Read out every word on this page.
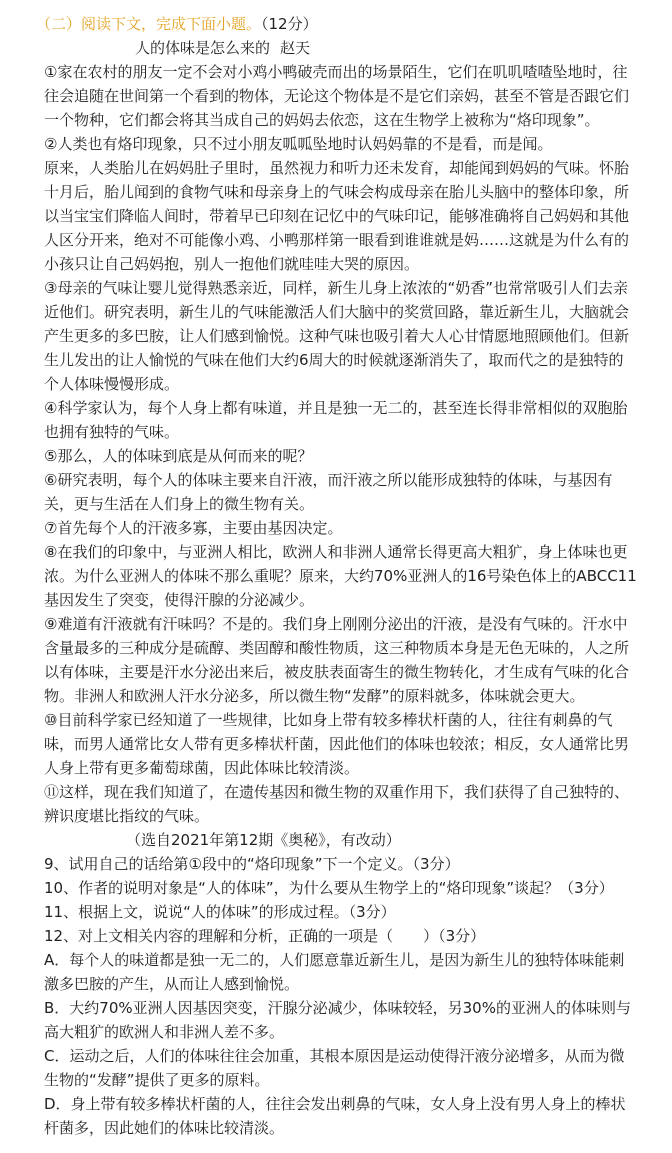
（二）阅读下文，完成下面小题。（12分）
人的体味是怎么来的 赵天
①家在农村的朋友一定不会对小鸡小鸭破壳而出的场景陌生，它们在叽叽喳喳坠地时，往
往会追随在世间第一个看到的物体，无论这个物体是不是它们亲妈，甚至不管是否跟它们
一个物种，它们都会将其当成自己的妈妈去依恋，这在生物学上被称为“烙印现象”。
②人类也有烙印现象，只不过小朋友呱呱坠地时认妈妈靠的不是看，而是闻。
原来，人类胎儿在妈妈肚子里时，虽然视力和听力还未发育，却能闻到妈妈的气味。怀胎
十月后，胎儿闻到的食物气味和母亲身上的气味会构成母亲在胎儿头脑中的整体印象，所
以当宝宝们降临人间时，带着早已印刻在记忆中的气味印记，能够准确将自己妈妈和其他
人区分开来，绝对不可能像小鸡、小鸭那样第一眼看到谁谁就是妈……这就是为什么有的
小孩只让自己妈妈抱，别人一抱他们就哇哇大哭的原因。
③母亲的气味让婴儿觉得熟悉亲近，同样，新生儿身上浓浓的“奶香”也常常吸引人们去亲
近他们。研究表明，新生儿的气味能激活人们大脑中的奖赏回路，靠近新生儿，大脑就会
产生更多的多巴胺，让人们感到愉悦。这种气味也吸引着大人心甘情愿地照顾他们。但新
生儿发出的让人愉悦的气味在他们大约6周大的时候就逐渐消失了，取而代之的是独特的
个人体味慢慢形成。
④科学家认为，每个人身上都有味道，并且是独一无二的，甚至连长得非常相似的双胞胎
也拥有独特的气味。
⑤那么，人的体味到底是从何而来的呢？
⑥研究表明，每个人的体味主要来自汗液，而汗液之所以能形成独特的体味，与基因有
关，更与生活在人们身上的微生物有关。
⑦首先每个人的汗液多寡，主要由基因决定。
⑧在我们的印象中，与亚洲人相比，欧洲人和非洲人通常长得更高大粗犷，身上体味也更
浓。为什么亚洲人的体味不那么重呢？原来，大约70%亚洲人的16号染色体上的ABCC11
基因发生了突变，使得汗腺的分泌减少。
⑨难道有汗液就有汗味吗？不是的。我们身上刚刚分泌出的汗液，是没有气味的。汗水中
含量最多的三种成分是硫醇、类固醇和酸性物质，这三种物质本身是无色无味的，人之所
以有体味，主要是汗水分泌出来后，被皮肤表面寄生的微生物转化，才生成有气味的化合
物。非洲人和欧洲人汗水分泌多，所以微生物“发酵”的原料就多，体味就会更大。
⑩目前科学家已经知道了一些规律，比如身上带有较多棒状杆菌的人，往往有刺鼻的气
味，而男人通常比女人带有更多棒状杆菌，因此他们的体味也较浓；相反，女人通常比男
人身上带有更多葡萄球菌，因此体味比较清淡。
⑪这样，现在我们知道了，在遗传基因和微生物的双重作用下，我们获得了自己独特的、
辨识度堪比指纹的气味。
（选自2021年第12期《奥秘》，有改动）
9、试用自己的话给第①段中的“烙印现象”下一个定义。（3分）
10、作者的说明对象是“人的体味”，为什么要从生物学上的“烙印现象”谈起？（3分）
11、根据上文，说说“人的体味”的形成过程。（3分）
12、对上文相关内容的理解和分析，正确的一项是（　　）（3分）
A．每个人的味道都是独一无二的，人们愿意靠近新生儿，是因为新生儿的独特体味能刺
激多巴胺的产生，从而让人感到愉悦。
B．大约70%亚洲人因基因突变，汗腺分泌减少，体味较轻，另30%的亚洲人的体味则与
高大粗犷的欧洲人和非洲人差不多。
C．运动之后，人们的体味往往会加重，其根本原因是运动使得汗液分泌增多，从而为微
生物的“发酵”提供了更多的原料。
D．身上带有较多棒状杆菌的人，往往会发出刺鼻的气味，女人身上没有男人身上的棒状
杆菌多，因此她们的体味比较清淡。
